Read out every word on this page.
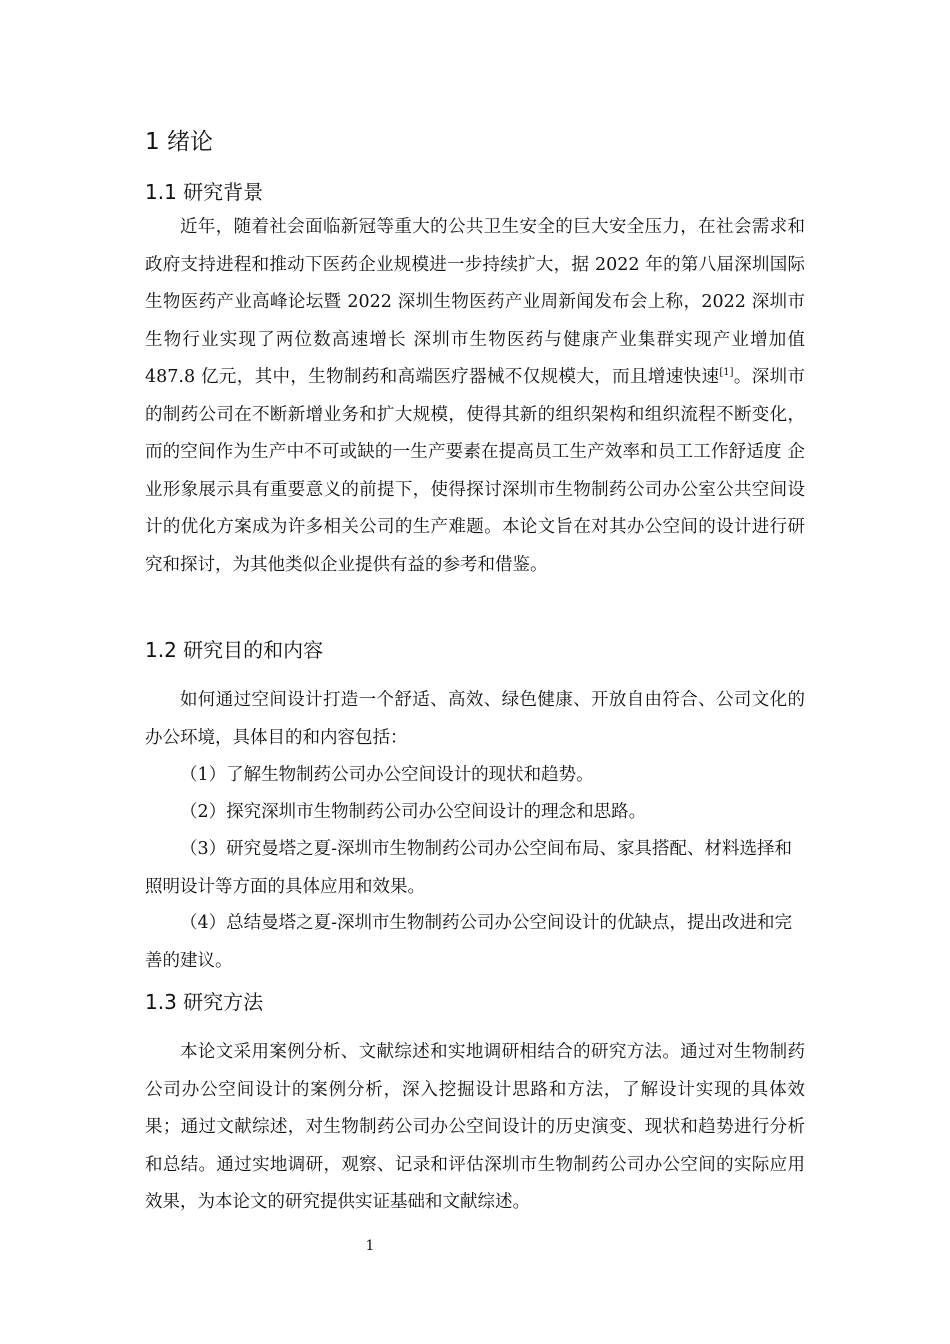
1 绪论
1.1 研究背景

近年，随着社会面临新冠等重大的公共卫生安全的巨大安全压力，在社会需求和政府支持进程和推动下医药企业规模进一步持续扩大，据 2022 年的第八届深圳国际生物医药产业高峰论坛暨 2022 深圳生物医药产业周新闻发布会上称，2022 深圳市生物行业实现了两位数高速增长 深圳市生物医药与健康产业集群实现产业增加值 487.8 亿元，其中，生物制药和高端医疗器械不仅规模大，而且增速快速[1]。深圳市的制药公司在不断新增业务和扩大规模，使得其新的组织架构和组织流程不断变化，而的空间作为生产中不可或缺的一生产要素在提高员工生产效率和员工工作舒适度 企业形象展示具有重要意义的前提下，使得探讨深圳市生物制药公司办公室公共空间设计的优化方案成为许多相关公司的生产难题。本论文旨在对其办公空间的设计进行研究和探讨，为其他类似企业提供有益的参考和借鉴。

1.2 研究目的和内容

如何通过空间设计打造一个舒适、高效、绿色健康、开放自由符合、公司文化的办公环境，具体目的和内容包括：

（1）了解生物制药公司办公空间设计的现状和趋势。

（2）探究深圳市生物制药公司办公空间设计的理念和思路。

（3）研究曼塔之夏-深圳市生物制药公司办公空间布局、家具搭配、材料选择和照明设计等方面的具体应用和效果。

（4）总结曼塔之夏-深圳市生物制药公司办公空间设计的优缺点，提出改进和完善的建议。

1.3 研究方法

本论文采用案例分析、文献综述和实地调研相结合的研究方法。通过对生物制药公司办公空间设计的案例分析，深入挖掘设计思路和方法，了解设计实现的具体效果；通过文献综述，对生物制药公司办公空间设计的历史演变、现状和趋势进行分析和总结。通过实地调研，观察、记录和评估深圳市生物制药公司办公空间的实际应用效果，为本论文的研究提供实证基础和文献综述。

1
